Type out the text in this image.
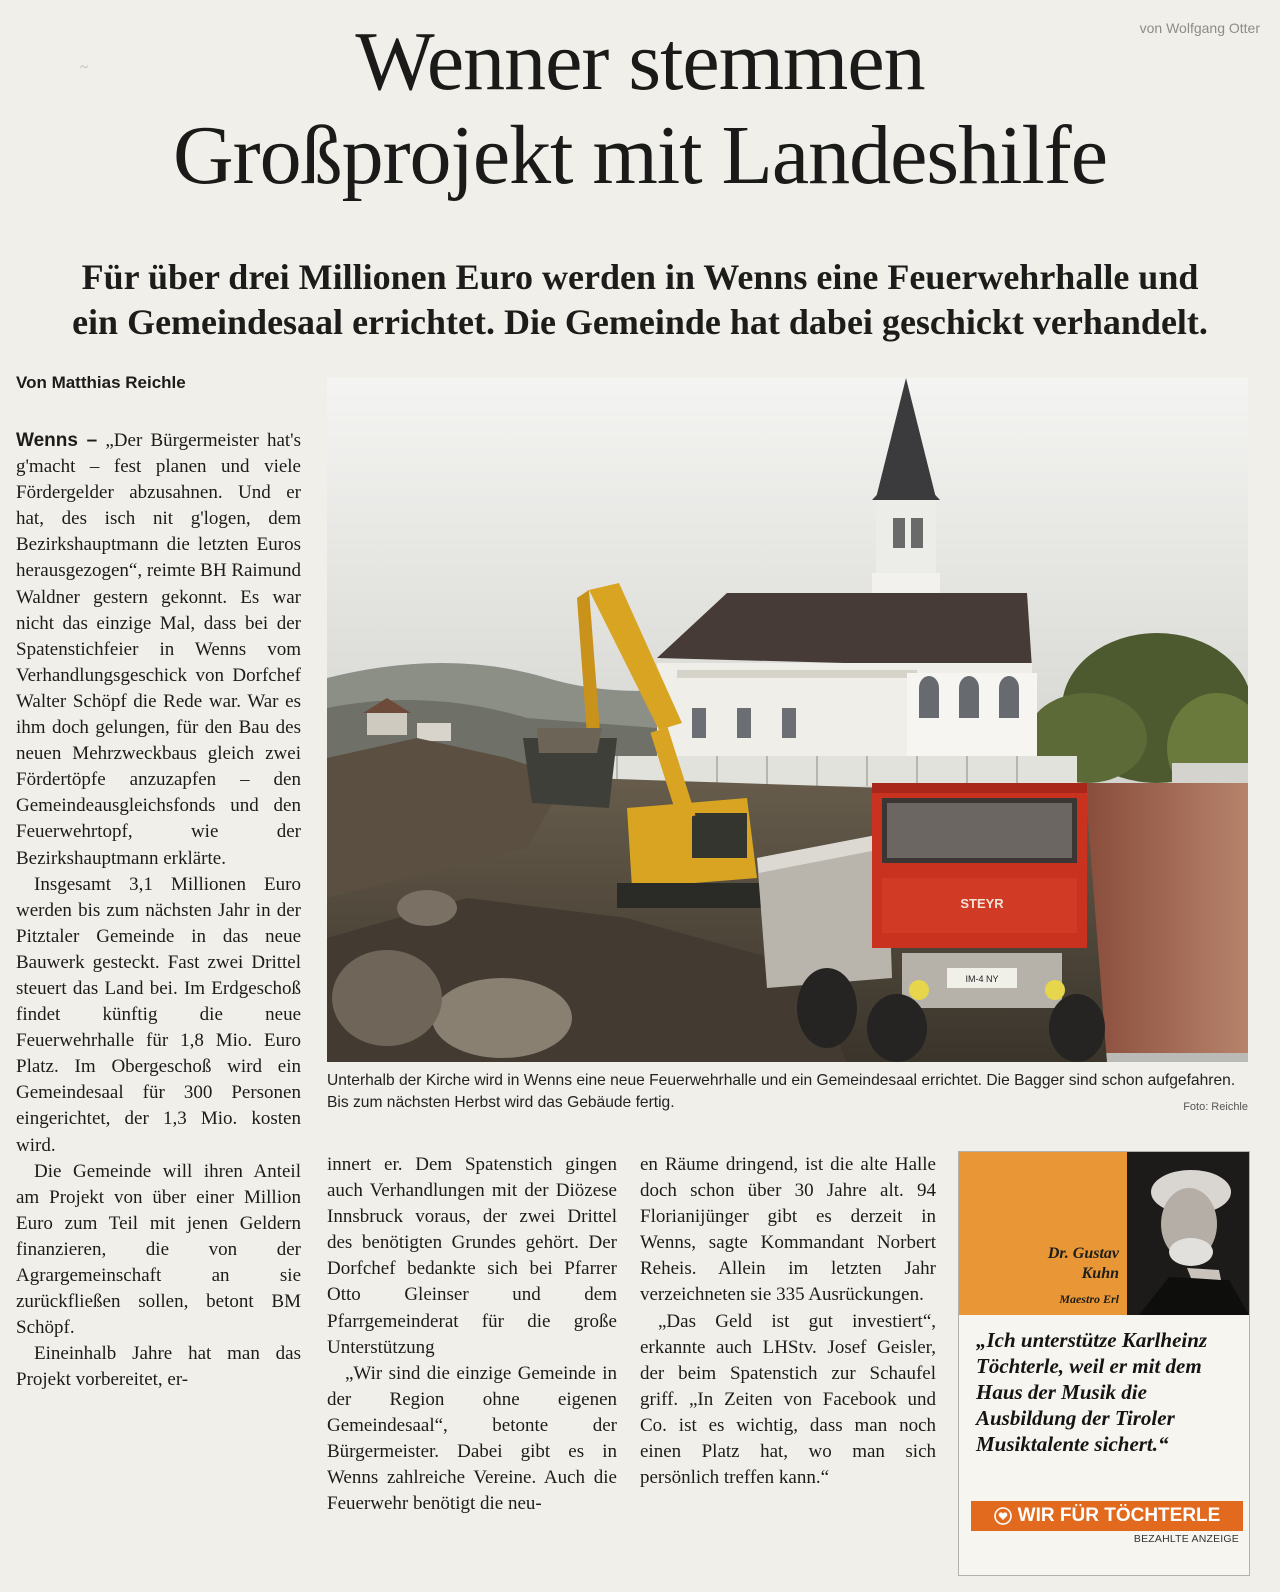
~
von Wolfgang Otter
Wenner stemmen
Großprojekt mit Landeshilfe
Für über drei Millionen Euro werden in Wenns eine Feuerwehrhalle und
ein Gemeindesaal errichtet. Die Gemeinde hat dabei geschickt verhandelt.
Von Matthias Reichle

Wenns – „Der Bürgermeister hat's g'macht – fest planen und viele Fördergelder abzusahnen. Und er hat, des isch nit g'logen, dem Bezirkshauptmann die letzten Euros herausgezogen“, reimte BH Raimund Waldner gestern gekonnt. Es war nicht das einzige Mal, dass bei der Spatenstichfeier in Wenns vom Verhandlungsgeschick von Dorfchef Walter Schöpf die Rede war. War es ihm doch gelungen, für den Bau des neuen Mehrzweckbaus gleich zwei Fördertöpfe anzuzapfen – den Gemeindeausgleichsfonds und den Feuerwehrtopf, wie der Bezirkshauptmann erklärte.

Insgesamt 3,1 Millionen Euro werden bis zum nächsten Jahr in der Pitztaler Gemeinde in das neue Bauwerk gesteckt. Fast zwei Drittel steuert das Land bei. Im Erdgeschoß findet künftig die neue Feuerwehrhalle für 1,8 Mio. Euro Platz. Im Obergeschoß wird ein Gemeindesaal für 300 Personen eingerichtet, der 1,3 Mio. kosten wird.

Die Gemeinde will ihren Anteil am Projekt von über einer Million Euro zum Teil mit jenen Geldern finanzieren, die von der Agrargemeinschaft an sie zurückfließen sollen, betont BM Schöpf.

Eineinhalb Jahre hat man das Projekt vorbereitet, er-

IM-4 NY
STEYR
Unterhalb der Kirche wird in Wenns eine neue Feuerwehrhalle und ein Gemeindesaal errichtet. Die Bagger sind schon aufgefahren. Bis zum nächsten Herbst wird das Gebäude fertig.	Foto: Reichle

innert er. Dem Spatenstich gingen auch Verhandlungen mit der Diözese Innsbruck voraus, der zwei Drittel des benötigten Grundes gehört. Der Dorfchef bedankte sich bei Pfarrer Otto Gleinser und dem Pfarrgemeinderat für die große Unterstützung

„Wir sind die einzige Gemeinde in der Region ohne eigenen Gemeindesaal“, betonte der Bürgermeister. Dabei gibt es in Wenns zahlreiche Vereine. Auch die Feuerwehr benötigt die neu-

en Räume dringend, ist die alte Halle doch schon über 30 Jahre alt. 94 Florianijünger gibt es derzeit in Wenns, sagte Kommandant Norbert Reheis. Allein im letzten Jahr verzeichneten sie 335 Ausrückungen.

„Das Geld ist gut investiert“, erkannte auch LHStv. Josef Geisler, der beim Spatenstich zur Schaufel griff. „In Zeiten von Facebook und Co. ist es wichtig, dass man noch einen Platz hat, wo man sich persönlich treffen kann.“

Dr. Gustav
Kuhn
Maestro Erl
„Ich unterstütze Karlheinz Töchterle, weil er mit dem Haus der Musik die Ausbildung der Tiroler Musiktalente sichert.“
WIR FÜR TÖCHTERLE
BEZAHLTE ANZEIGE
